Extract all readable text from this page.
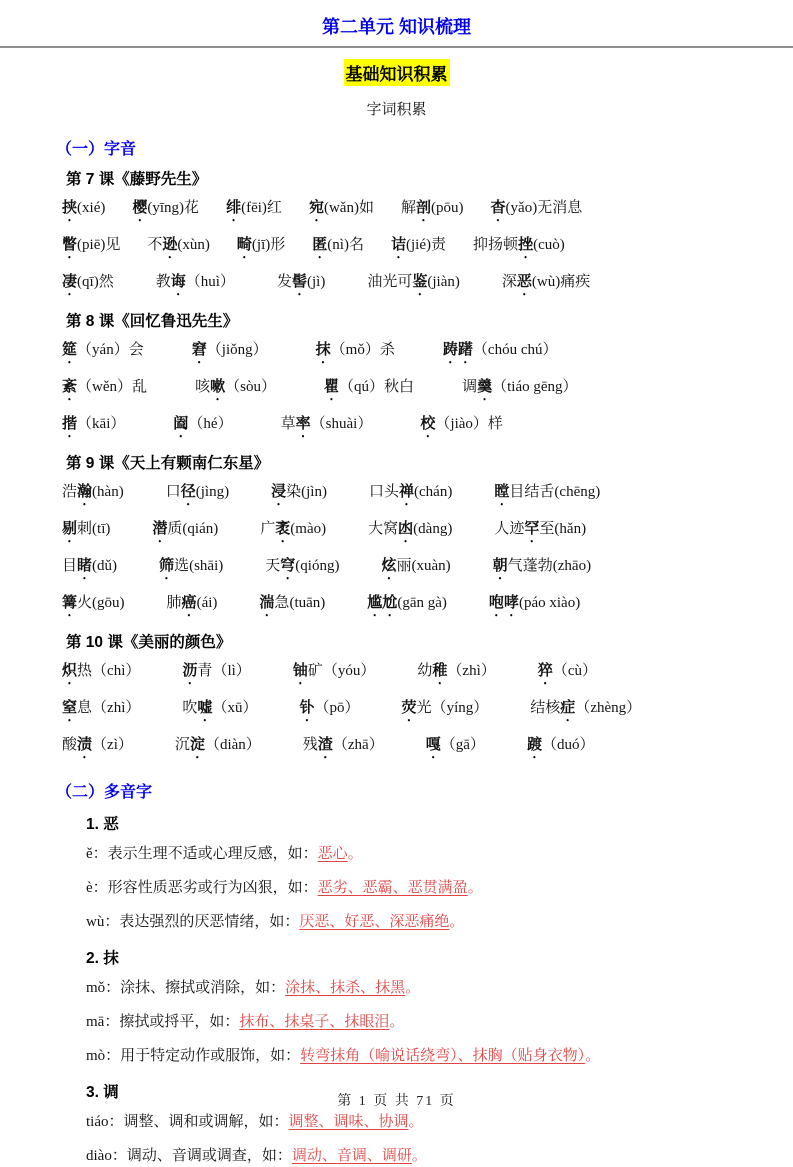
第二单元 知识梳理
基础知识积累
字词积累
（一）字音
第 7 课《藤野先生》
挟(xié) 樱(yīng)花 绯(fēi)红 宛(wǎn)如 解剖(pōu) 杳(yǎo)无消息
瞥(piē)见 不逊(xùn) 畸(jī)形 匿(nì)名 诘(jié)责 抑扬顿挫(cuò)
凄(qī)然	教诲（huì）	发髻(jì)	油光可鉴(jiàn)	深恶(wù)痛疾
第 8 课《回忆鲁迅先生》
筵（yán）会	窘（jiǒng）	抹（mǒ）杀	踌躇（chóu chú）
紊（wěn）乱	咳嗽（sòu）	瞿（qú）秋白	调羹（tiáo gēng）
揩（kāi）	阖（hé）	草率（shuài）	校（jiào）样
第 9 课《天上有颗南仁东星》
浩瀚(hàn)	口径(jìng)	浸染(jìn)	口头禅(chán)	瞠目结舌(chēng)
剔刺(tī)	潜质(qián)	广袤(mào)	大窝凼(dàng)	人迹罕至(hǎn)
目睹(dǔ)	筛选(shāi)	天穹(qióng)	炫丽(xuàn)	朝气蓬勃(zhāo)
篝火(gōu)	肺癌(ái)	湍急(tuān)	尴尬(gān gà)	咆哮(páo xiào)
第 10 课《美丽的颜色》
炽热（chì）	沥青（lì）	铀矿（yóu）	幼稚（zhì）	猝（cù）
窒息（zhì）	吹嘘（xū）	钋（pō）	荧光（yíng）	结核症（zhèng）
酸渍（zì）	沉淀（diàn）	残渣（zhā）	嘎（gā）	踱（duó）
（二）多音字
1. 恶
ě：表示生理不适或心理反感，如：恶心。
è：形容性质恶劣或行为凶狠，如：恶劣、恶霸、恶贯满盈。
wù：表达强烈的厌恶情绪，如：厌恶、好恶、深恶痛绝。
2. 抹
mǒ：涂抹、擦拭或消除，如：涂抹、抹杀、抹黑。
mā：擦拭或捋平，如：抹布、抹桌子、抹眼泪。
mò：用于特定动作或服饰，如：转弯抹角（喻说话绕弯）、抹胸（贴身衣物）。
3. 调
tiáo：调整、调和或调解，如：调整、调味、协调。
diào：调动、音调或调查，如：调动、音调、调研。
第 1 页 共 71 页
